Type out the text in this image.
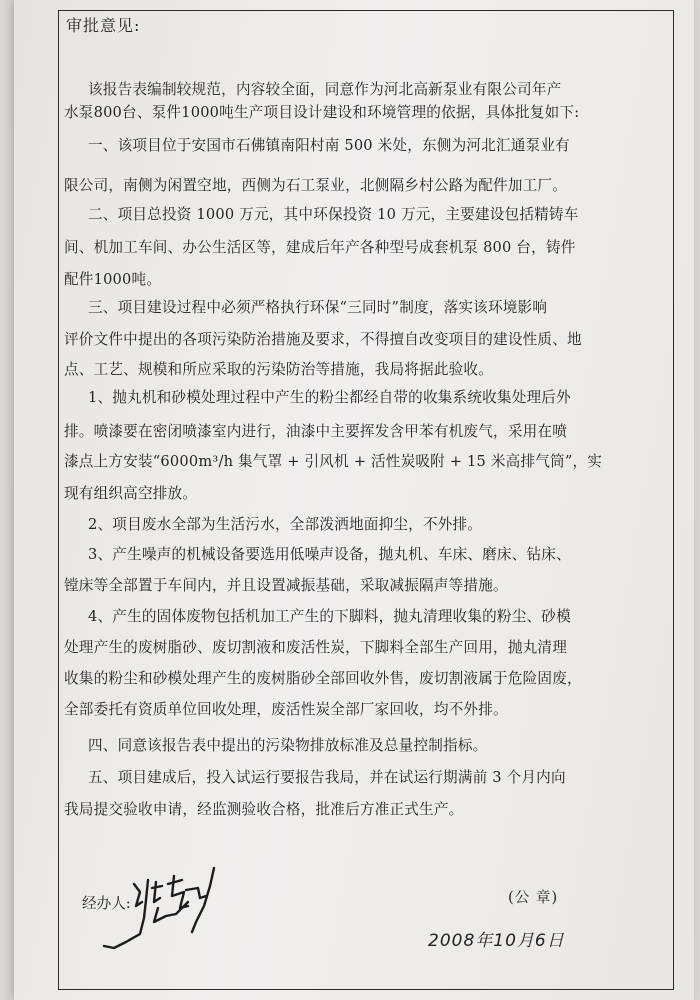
审批意见:
该报告表编制较规范，内容较全面，同意作为河北高新泵业有限公司年产
水泵800台、泵件1000吨生产项目设计建设和环境管理的依据，具体批复如下:
一、该项目位于安国市石佛镇南阳村南 500 米处，东侧为河北汇通泵业有
限公司，南侧为闲置空地，西侧为石工泵业，北侧隔乡村公路为配件加工厂。
二、项目总投资 1000 万元，其中环保投资 10 万元，主要建设包括精铸车
间、机加工车间、办公生活区等，建成后年产各种型号成套机泵 800 台，铸件
配件1000吨。
三、项目建设过程中必须严格执行环保“三同时”制度，落实该环境影响
评价文件中提出的各项污染防治措施及要求，不得擅自改变项目的建设性质、地
点、工艺、规模和所应采取的污染防治等措施，我局将据此验收。
1、抛丸机和砂模处理过程中产生的粉尘都经自带的收集系统收集处理后外
排。喷漆要在密闭喷漆室内进行，油漆中主要挥发含甲苯有机废气，采用在喷
漆点上方安装“6000m³/h 集气罩 + 引风机 + 活性炭吸附 + 15 米高排气筒”，实
现有组织高空排放。
2、项目废水全部为生活污水，全部泼洒地面抑尘，不外排。
3、产生噪声的机械设备要选用低噪声设备，抛丸机、车床、磨床、钻床、
镗床等全部置于车间内，并且设置减振基础，采取减振隔声等措施。
4、产生的固体废物包括机加工产生的下脚料，抛丸清理收集的粉尘、砂模
处理产生的废树脂砂、废切割液和废活性炭，下脚料全部生产回用，抛丸清理
收集的粉尘和砂模处理产生的废树脂砂全部回收外售，废切割液属于危险固废，
全部委托有资质单位回收处理，废活性炭全部厂家回收，均不外排。
四、同意该报告表中提出的污染物排放标准及总量控制指标。
五、项目建成后，投入试运行要报告我局，并在试运行期满前 3 个月内向
我局提交验收申请，经监测验收合格，批准后方准正式生产。
经办人:	(公 章)
2008年10月6日
